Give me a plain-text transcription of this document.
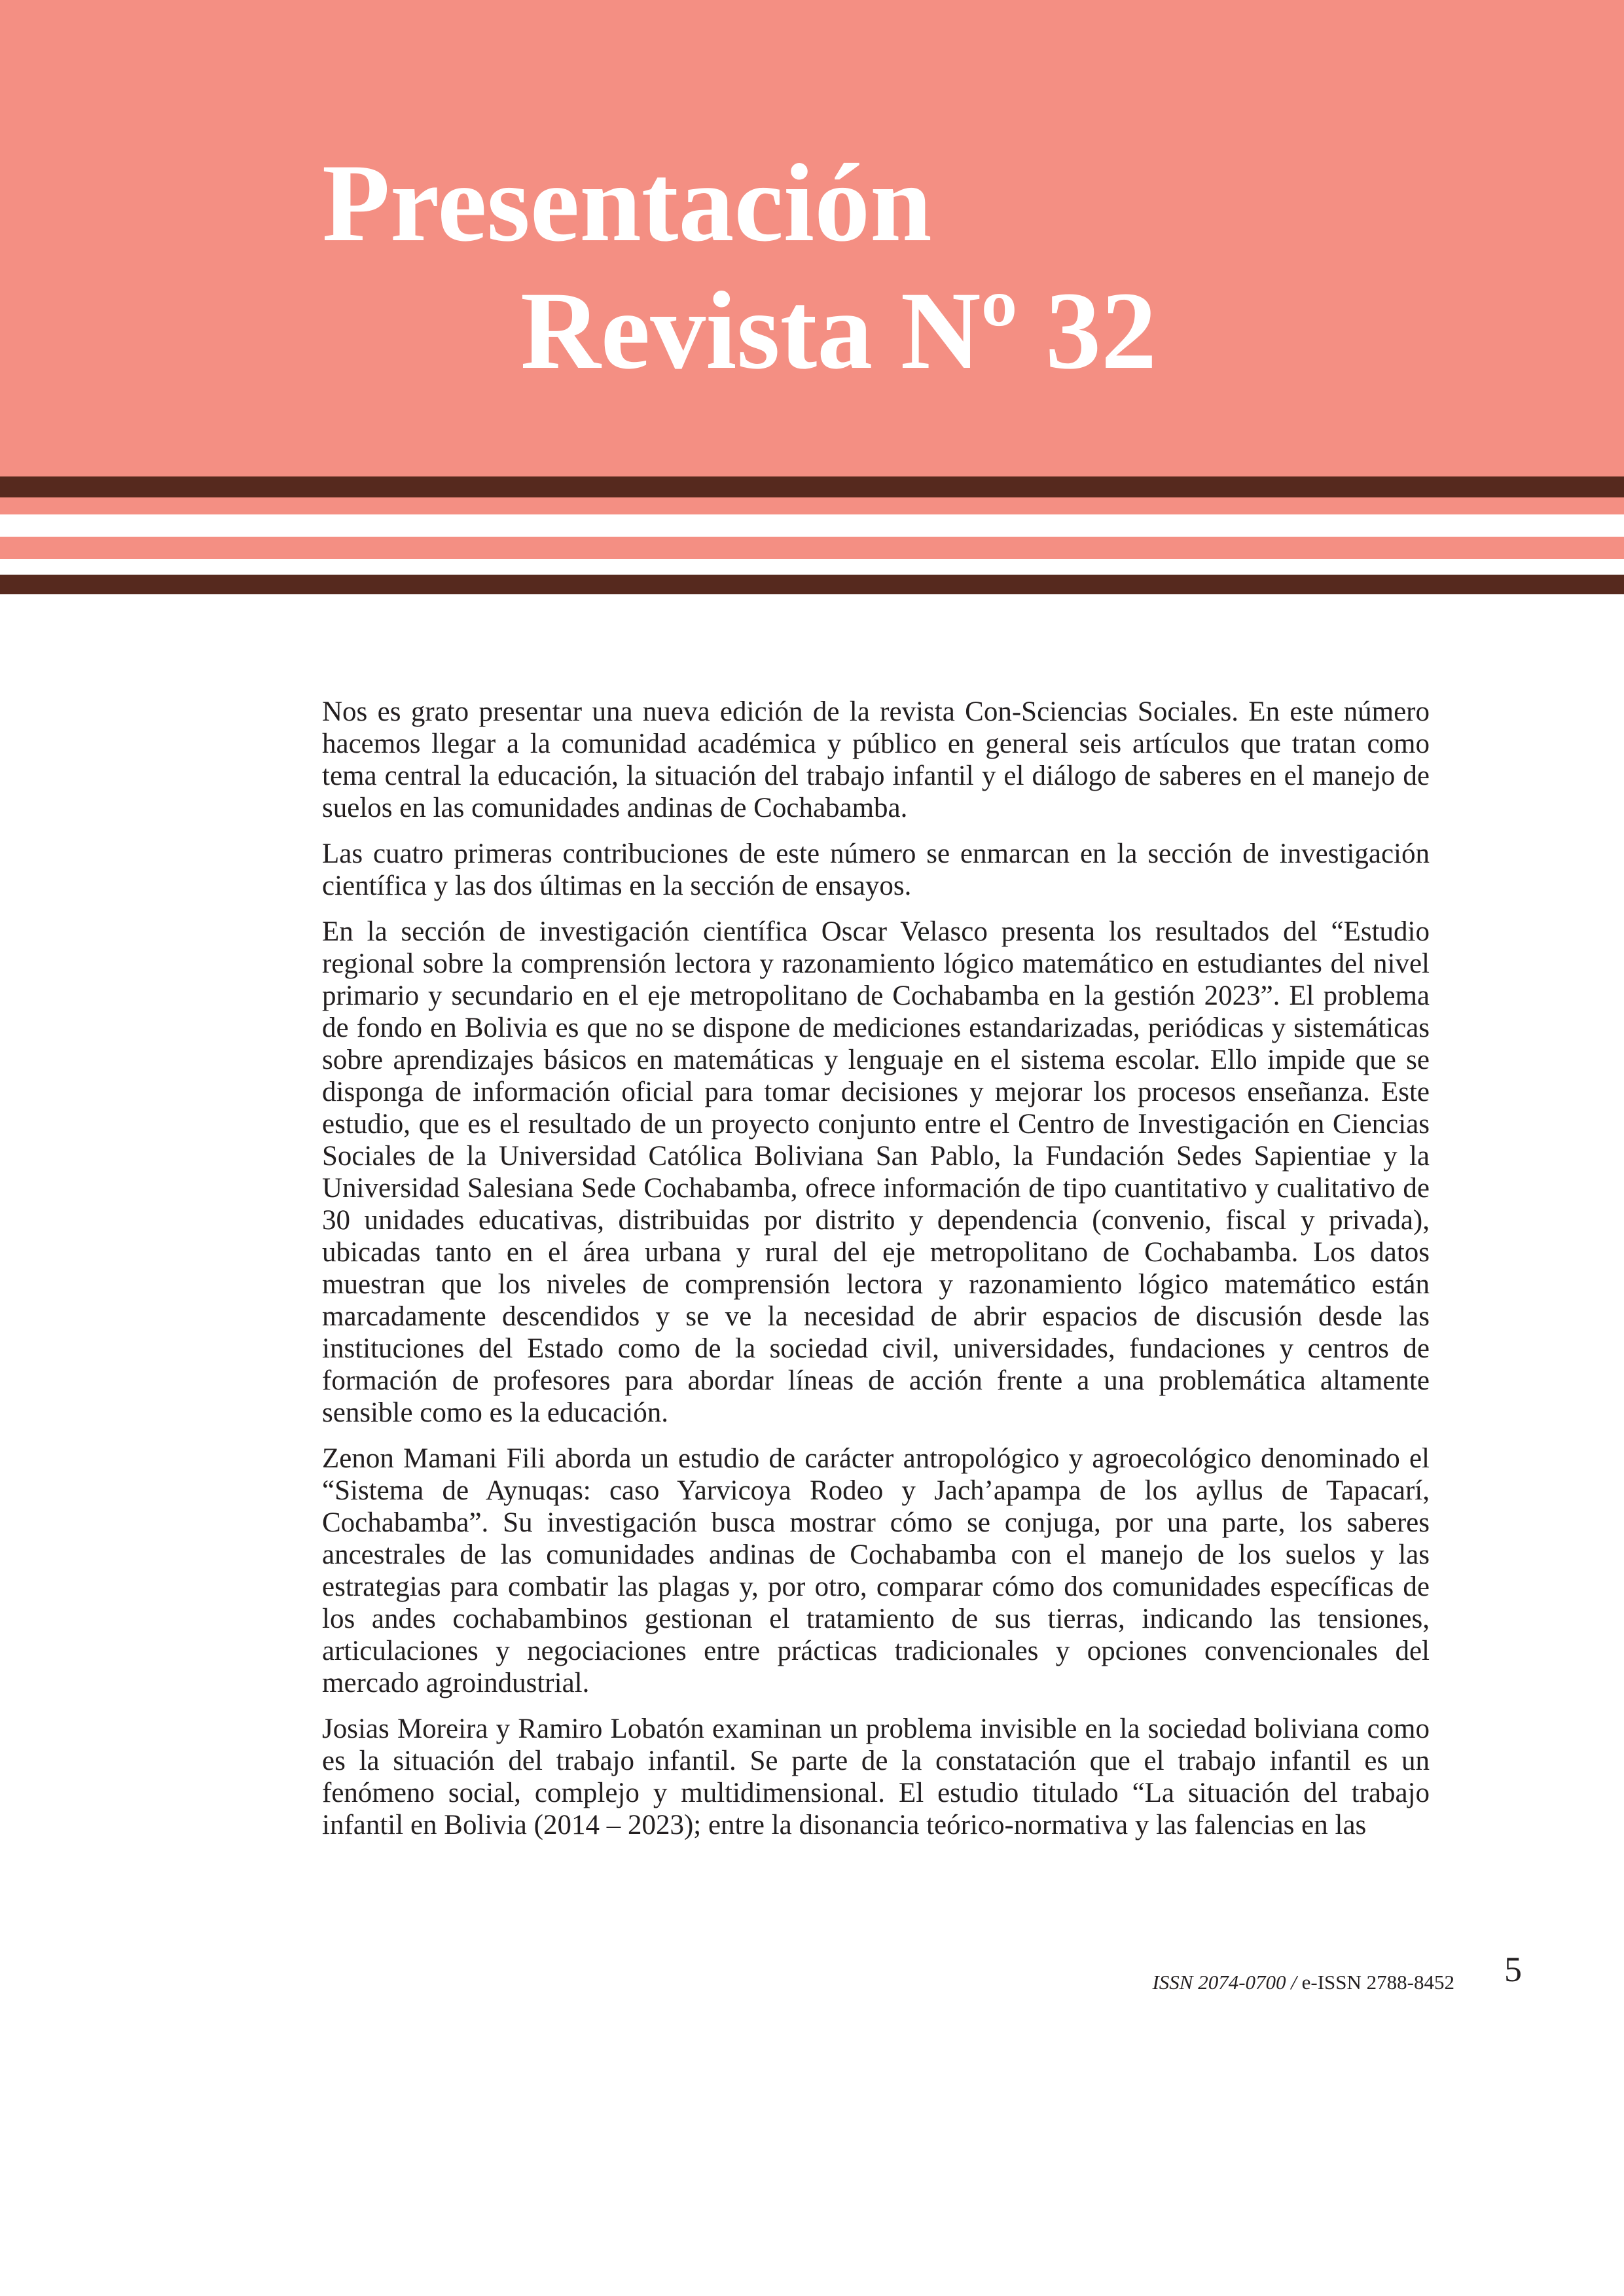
Presentación
Revista Nº 32

Nos es grato presentar una nueva edición de la revista Con-Sciencias Sociales. En este número hacemos llegar a la comunidad académica y público en general seis artículos que tratan como tema central la educación, la situación del trabajo infantil y el diálogo de saberes en el manejo de suelos en las comunidades andinas de Cochabamba.

Las cuatro primeras contribuciones de este número se enmarcan en la sección de investigación científica y las dos últimas en la sección de ensayos.

En la sección de investigación científica Oscar Velasco presenta los resultados del “Estudio regional sobre la comprensión lectora y razonamiento lógico matemático en estudiantes del nivel primario y secundario en el eje metropolitano de Cochabamba en la gestión 2023”. El problema de fondo en Bolivia es que no se dispone de mediciones estandarizadas, periódicas y sistemáticas sobre aprendizajes básicos en matemáticas y lenguaje en el sistema escolar. Ello impide que se disponga de información oficial para tomar decisiones y mejorar los procesos enseñanza. Este estudio, que es el resultado de un proyecto conjunto entre el Centro de Investigación en Ciencias Sociales de la Universidad Católica Boliviana San Pablo, la Fundación Sedes Sapientiae y la Universidad Salesiana Sede Cochabamba, ofrece información de tipo cuantitativo y cualitativo de 30 unidades educativas, distribuidas por distrito y dependencia (convenio, fiscal y privada), ubicadas tanto en el área urbana y rural del eje metropolitano de Cochabamba. Los datos muestran que los niveles de comprensión lectora y razonamiento lógico matemático están marcadamente descendidos y se ve la necesidad de abrir espacios de discusión desde las instituciones del Estado como de la sociedad civil, universidades, fundaciones y centros de formación de profesores para abordar líneas de acción frente a una problemática altamente sensible como es la educación.

Zenon Mamani Fili aborda un estudio de carácter antropológico y agroecológico denominado el “Sistema de Aynuqas: caso Yarvicoya Rodeo y Jach’apampa de los ayllus de Tapacarí, Cochabamba”. Su investigación busca mostrar cómo se conjuga, por una parte, los saberes ancestrales de las comunidades andinas de Cochabamba con el manejo de los suelos y las estrategias para combatir las plagas y, por otro, comparar cómo dos comunidades específicas de los andes cochabambinos gestionan el tratamiento de sus tierras, indicando las tensiones, articulaciones y negociaciones entre prácticas tradicionales y opciones convencionales del mercado agroindustrial.

Josias Moreira y Ramiro Lobatón examinan un problema invisible en la sociedad boliviana como es la situación del trabajo infantil. Se parte de la constatación que el trabajo infantil es un fenómeno social, complejo y multidimensional. El estudio titulado “La situación del trabajo infantil en Bolivia (2014 – 2023); entre la disonancia teórico-normativa y las falencias en las

ISSN 2074-0700 / e-ISSN 2788-8452 5
